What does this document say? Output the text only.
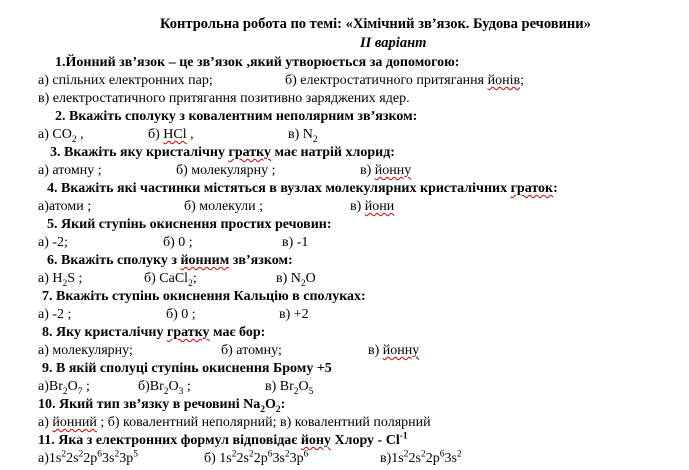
Контрольна робота по темі: «Хімічний зв’язок. Будова речовини»
II варіант
1.Йонний зв’язок – це зв’язок ,який утворюється за допомогою:
а) спільних електронних пар;	б) електростатичного притягання йонів;
в) електростатичного притягання позитивно заряджених ядер.
2. Вкажіть сполуку з ковалентним неполярним зв’язком:
а) $CO_2$ ,	б) HCl ,	в) $N_2$
3. Вкажіть яку кристалічну гратку має натрій хлорид:
а) атомну ;	б) молекулярну ;	в) йонну
4. Вкажіть які частинки містяться в вузлах молекулярних кристалічних граток:
а)атоми ;	б) молекули ;	в) йони
5. Який ступінь окиснення простих речовин:
а) -2;	б) 0 ;	в) -1
6. Вкажіть сполуку з йонним зв’язком:
а) $H_2S$ ;	б) CaCl$_2$;	в) $N_2O$
7. Вкажіть ступінь окиснення Кальцію в сполуках:
а) -2 ;	б) 0 ;	в) +2
8. Яку кристалічну гратку має бор:
а) молекулярну;	б) атомну;	в) йонну
9. В якій сполуці ступінь окиснення Брому +5
$а)Br_2O_7$ ;	$б)Br_2O_3$ ;	в) $Br_2O_5$
10. Який тип зв’язку в речовині $Na_2O_2$:
а) йонний ; б) ковалентний неполярний; в) ковалентний полярний
11. Яка з електронних формул відповідає йону Хлору - $Cl^{-1}$
$а)1s^22s^22p^63s^23p^5$	б) $1s^22s^22p^63s^23p^6$	$в)1s^22s^22p^63s^2$
